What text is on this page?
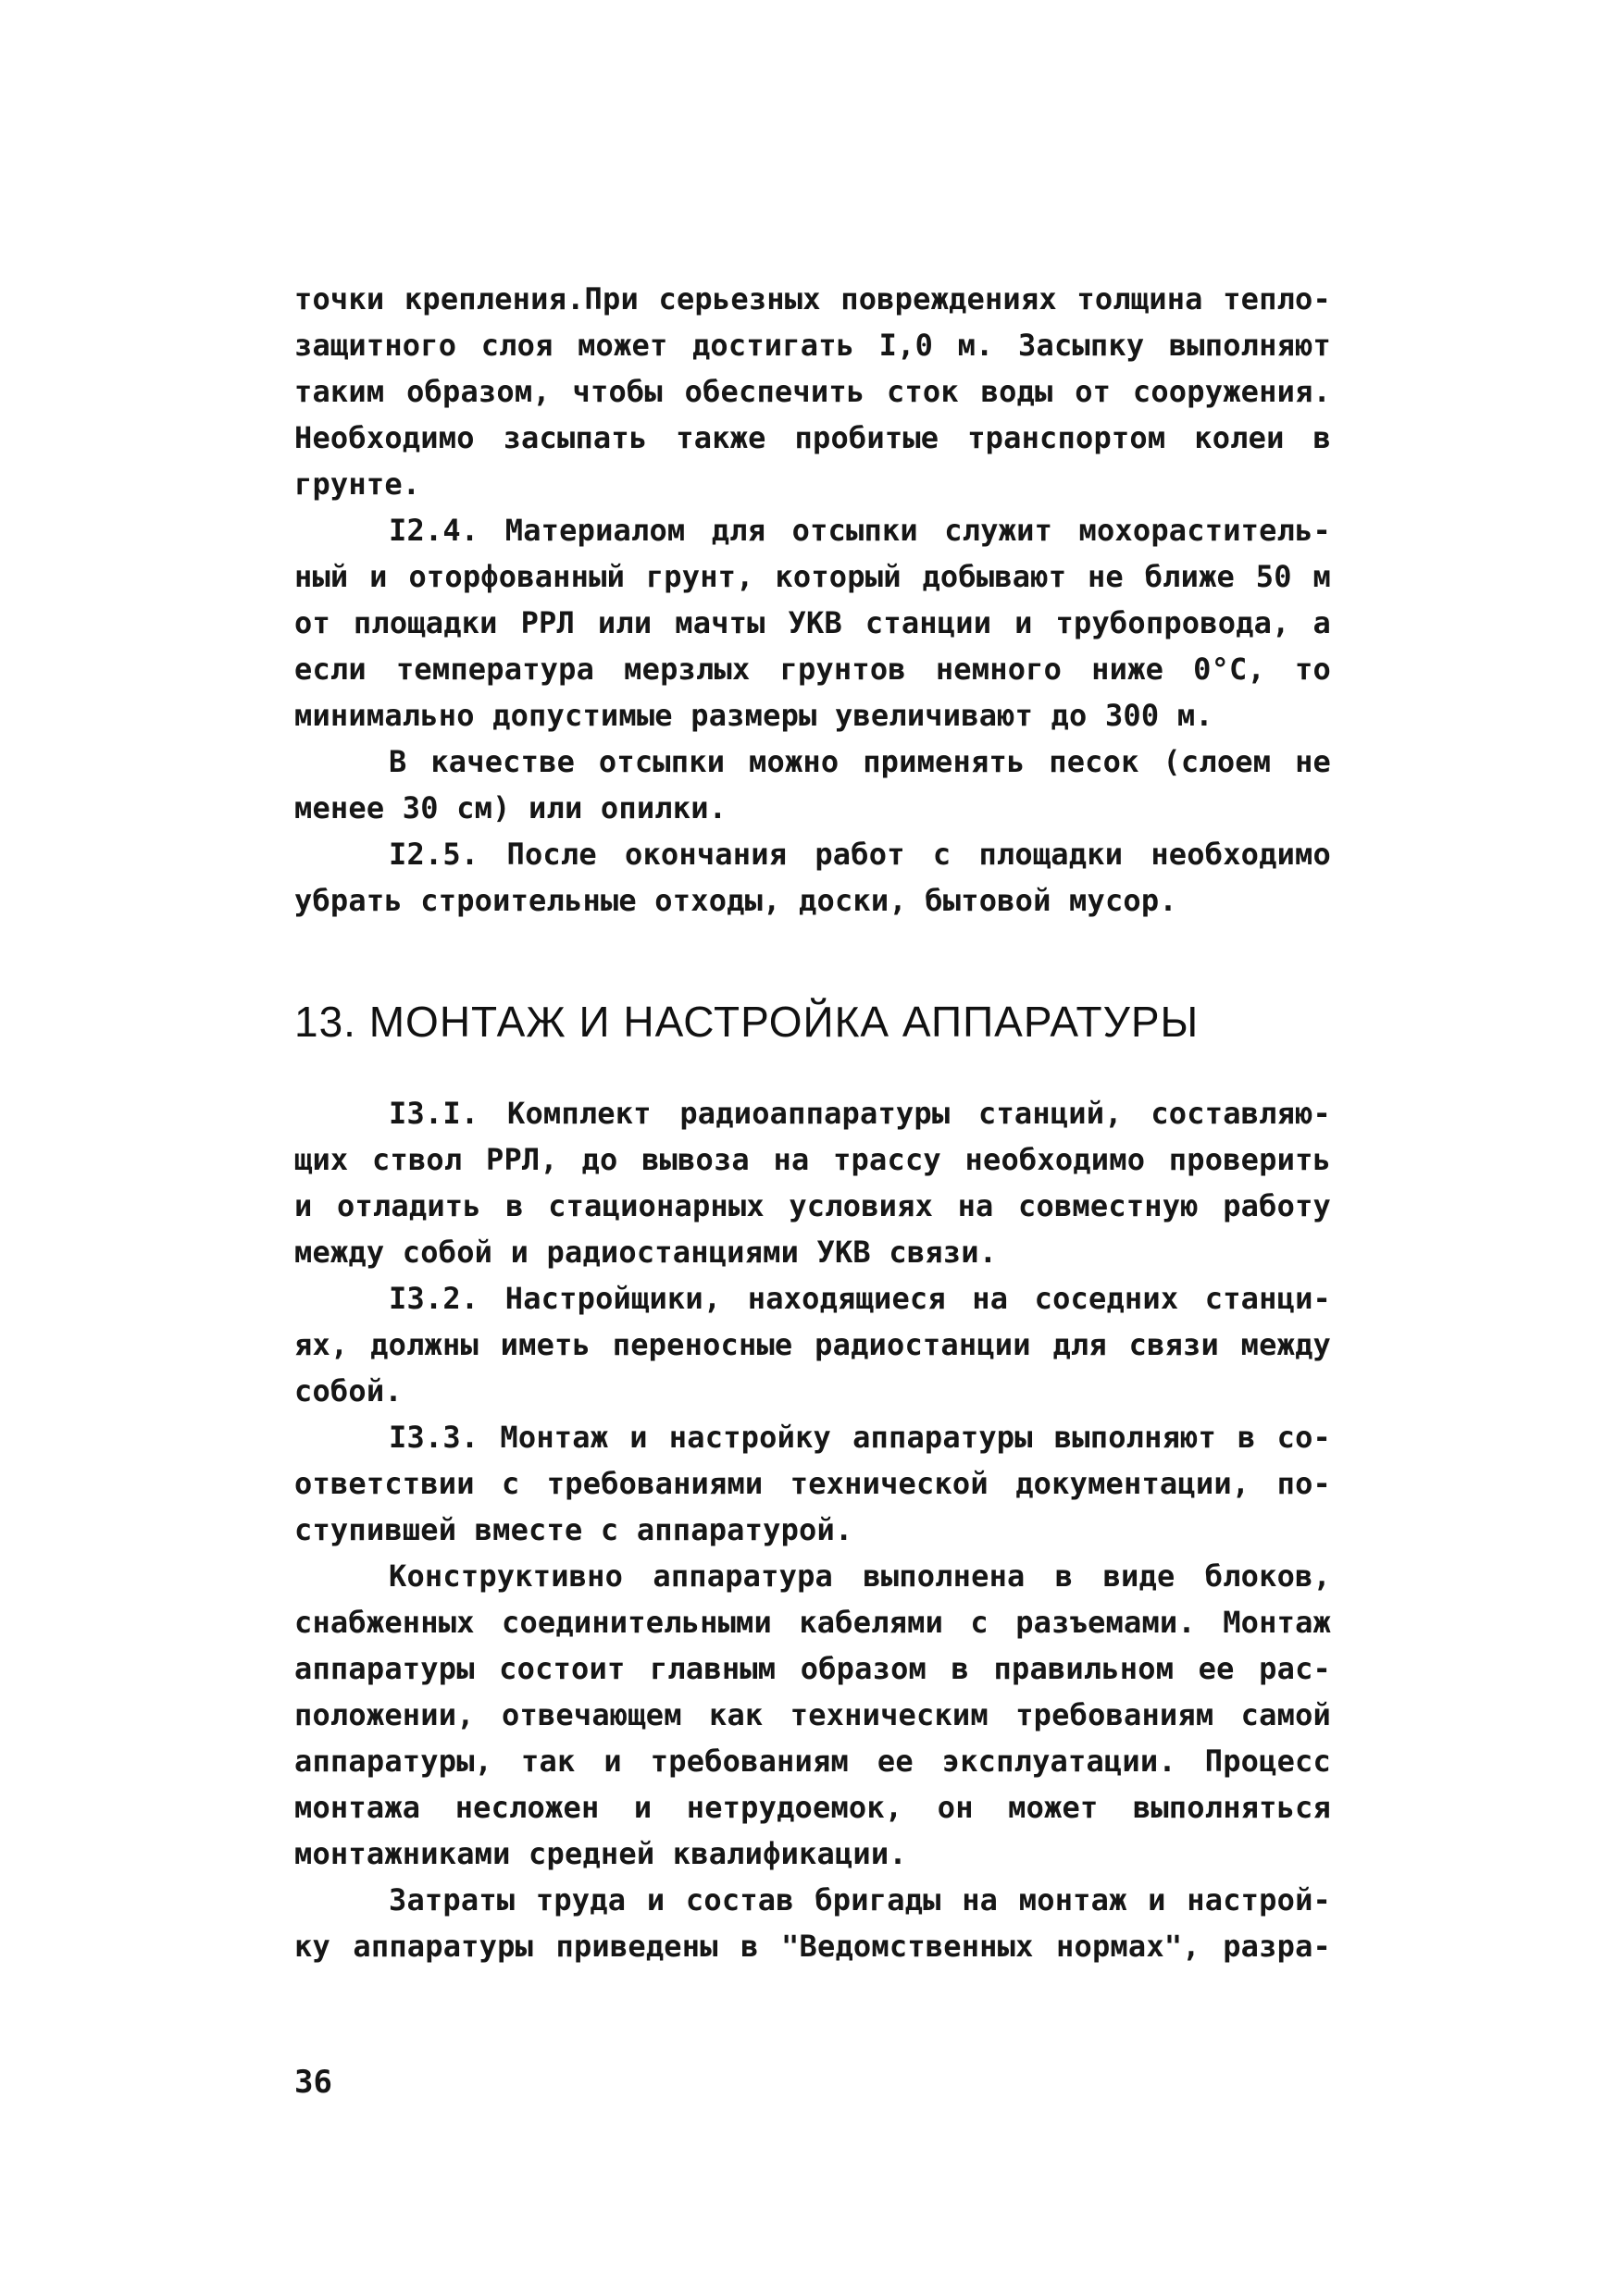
точки крепления.При серьезных повреждениях толщина тепло-

защитного слоя может достигать I,0 м. Засыпку выполняют

таким образом, чтобы обеспечить сток воды от сооружения.

Необходимо засыпать также пробитые транспортом колеи в

грунте.

I2.4. Материалом для отсыпки служит мохораститель-

ный и оторфованный грунт, который добывают не ближе 50 м

от площадки РРЛ или мачты УКВ станции и трубопровода, а

если температура мерзлых грунтов немного ниже 0°С, то

минимально допустимые размеры увеличивают до 300 м.

В качестве отсыпки можно применять песок (слоем не

менее 30 см) или опилки.

I2.5. После окончания работ с площадки необходимо

убрать строительные отходы, доски, бытовой мусор.

13. МОНТАЖ И НАСТРОЙКА АППАРАТУРЫ

I3.I. Комплект радиоаппаратуры станций, составляю-

щих ствол РРЛ, до вывоза на трассу необходимо проверить

и отладить в стационарных условиях на совместную работу

между собой и радиостанциями УКВ связи.

I3.2. Настройщики, находящиеся на соседних станци-

ях, должны иметь переносные радиостанции для связи между

собой.

I3.3. Монтаж и настройку аппаратуры выполняют в со-

ответствии с требованиями технической документации, по-

ступившей вместе с аппаратурой.

Конструктивно аппаратура выполнена в виде блоков,

снабженных соединительными кабелями с разъемами. Монтаж

аппаратуры состоит главным образом в правильном ее рас-

положении, отвечающем как техническим требованиям самой

аппаратуры, так и требованиям ее эксплуатации. Процесс

монтажа несложен и нетрудоемок, он может выполняться

монтажниками средней квалификации.

Затраты труда и состав бригады на монтаж и настрой-

ку аппаратуры приведены в "Ведомственных нормах", разра-

36
